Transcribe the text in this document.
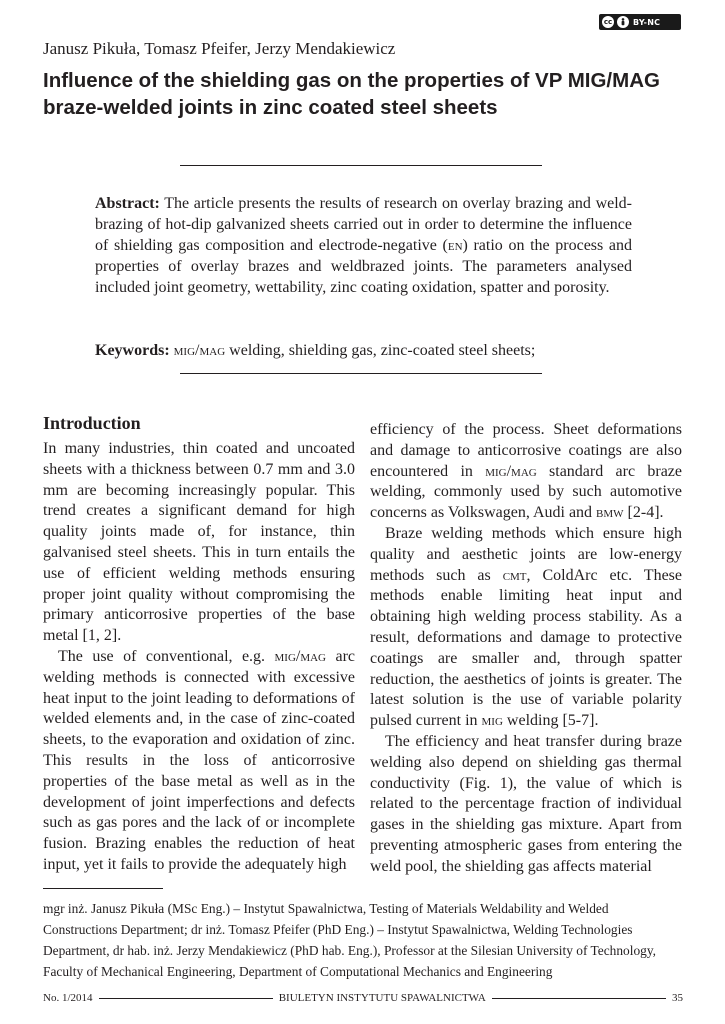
cc	BY-NC
Janusz Pikuła, Tomasz Pfeifer, Jerzy Mendakiewicz
Influence of the shielding gas on the properties of VP MIG/MAG braze-welded joints in zinc coated steel sheets

Abstract: The article presents the results of research on overlay brazing and weld-brazing of hot-dip galvanized sheets carried out in order to determine the influence of shielding gas composition and electrode-negative (en) ratio on the process and properties of overlay brazes and weldbrazed joints. The parameters analysed included joint geometry, wettability, zinc coating oxidation, spatter and porosity.

Keywords: mig/mag welding, shielding gas, zinc-coated steel sheets;

Introduction

In many industries, thin coated and uncoated sheets with a thickness between 0.7 mm and 3.0 mm are becoming increasingly popular. This trend creates a significant demand for high quality joints made of, for instance, thin galvanised steel sheets. This in turn entails the use of efficient welding methods ensuring proper joint quality without compromising the primary anticorrosive properties of the base metal [1, 2].

The use of conventional, e.g. mig/mag arc welding methods is connected with excessive heat input to the joint leading to deformations of welded elements and, in the case of zinc-coated sheets, to the evaporation and oxidation of zinc. This results in the loss of anticorrosive properties of the base metal as well as in the development of joint imperfections and defects such as gas pores and the lack of or incomplete fusion. Brazing enables the reduction of heat input, yet it fails to provide the adequately high

efficiency of the process. Sheet deformations and damage to anticorrosive coatings are also encountered in mig/mag standard arc braze welding, commonly used by such automotive concerns as Volkswagen, Audi and bmw [2-4].

Braze welding methods which ensure high quality and aesthetic joints are low-energy methods such as cmt, ColdArc etc. These methods enable limiting heat input and obtaining high welding process stability. As a result, deformations and damage to protective coatings are smaller and, through spatter reduction, the aesthetics of joints is greater. The latest solution is the use of variable polarity pulsed current in mig welding [5-7].

The efficiency and heat transfer during braze welding also depend on shielding gas thermal conductivity (Fig. 1), the value of which is related to the percentage fraction of individual gases in the shielding gas mixture. Apart from preventing atmospheric gases from entering the weld pool, the shielding gas affects material

mgr inż. Janusz Pikuła (MSc Eng.) – Instytut Spawalnictwa, Testing of Materials Weldability and Welded Constructions Department; dr inż. Tomasz Pfeifer (PhD Eng.) – Instytut Spawalnictwa, Welding Technologies Department, dr hab. inż. Jerzy Mendakiewicz (PhD hab. Eng.), Professor at the Silesian University of Technology, Faculty of Mechanical Engineering, Department of Computational Mechanics and Engineering

No. 1/2014	BIULETYN INSTYTUTU SPAWALNICTWA	35
